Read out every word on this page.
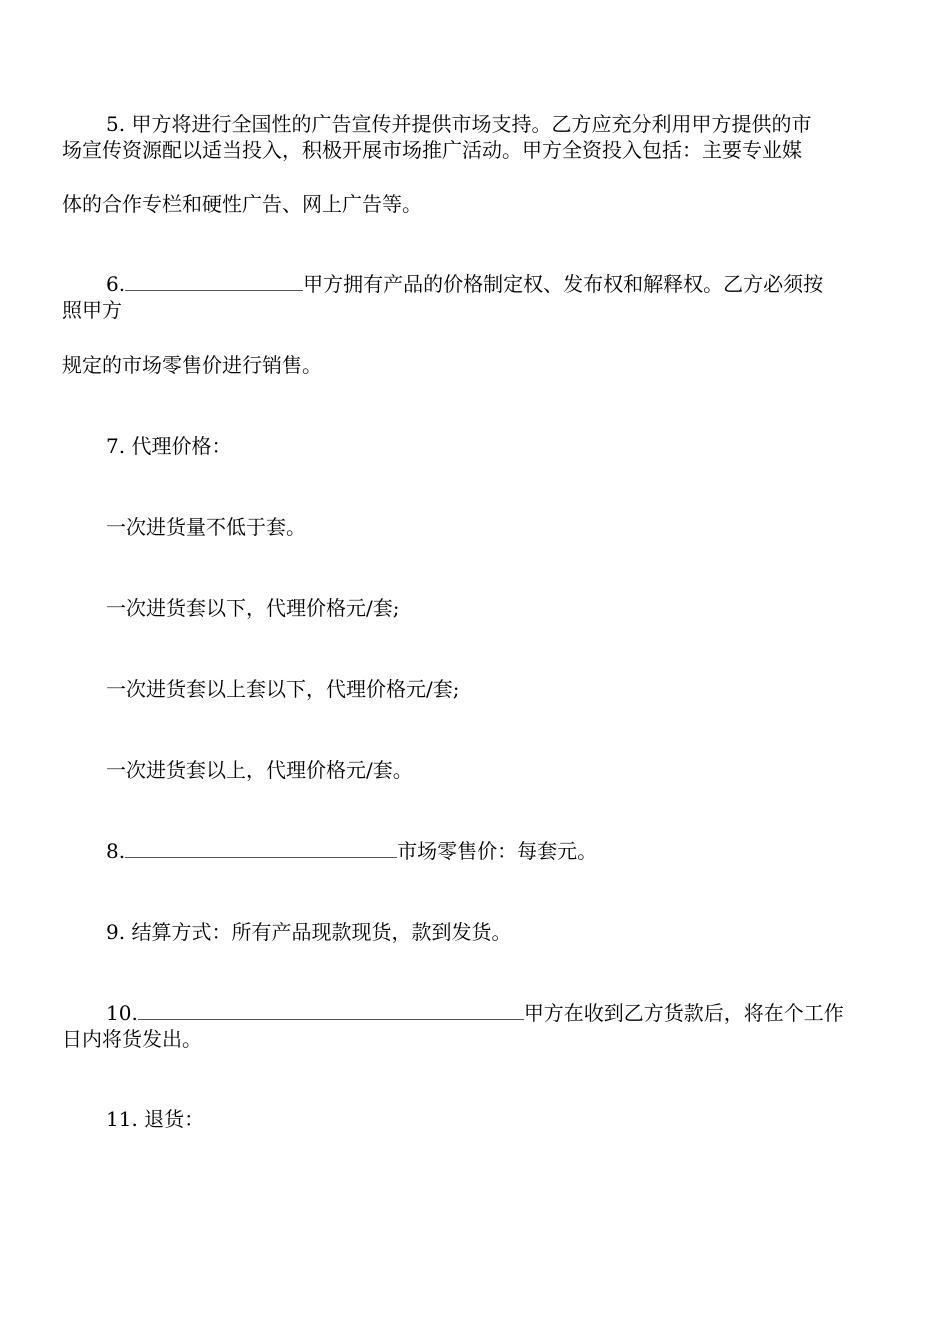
5. 甲方将进行全国性的广告宣传并提供市场支持。乙方应充分利用甲方提供的市
场宣传资源配以适当投入，积极开展市场推广活动。甲方全资投入包括：主要专业媒
体的合作专栏和硬性广告、网上广告等。
6.	甲方拥有产品的价格制定权、发布权和解释权。乙方必须按
照甲方
规定的市场零售价进行销售。
7. 代理价格：
一次进货量不低于套。
一次进货套以下，代理价格元/套;
一次进货套以上套以下，代理价格元/套;
一次进货套以上，代理价格元/套。
8.	市场零售价：每套元。
9. 结算方式：所有产品现款现货，款到发货。
10.	甲方在收到乙方货款后，将在个工作
日内将货发出。
11. 退货：
